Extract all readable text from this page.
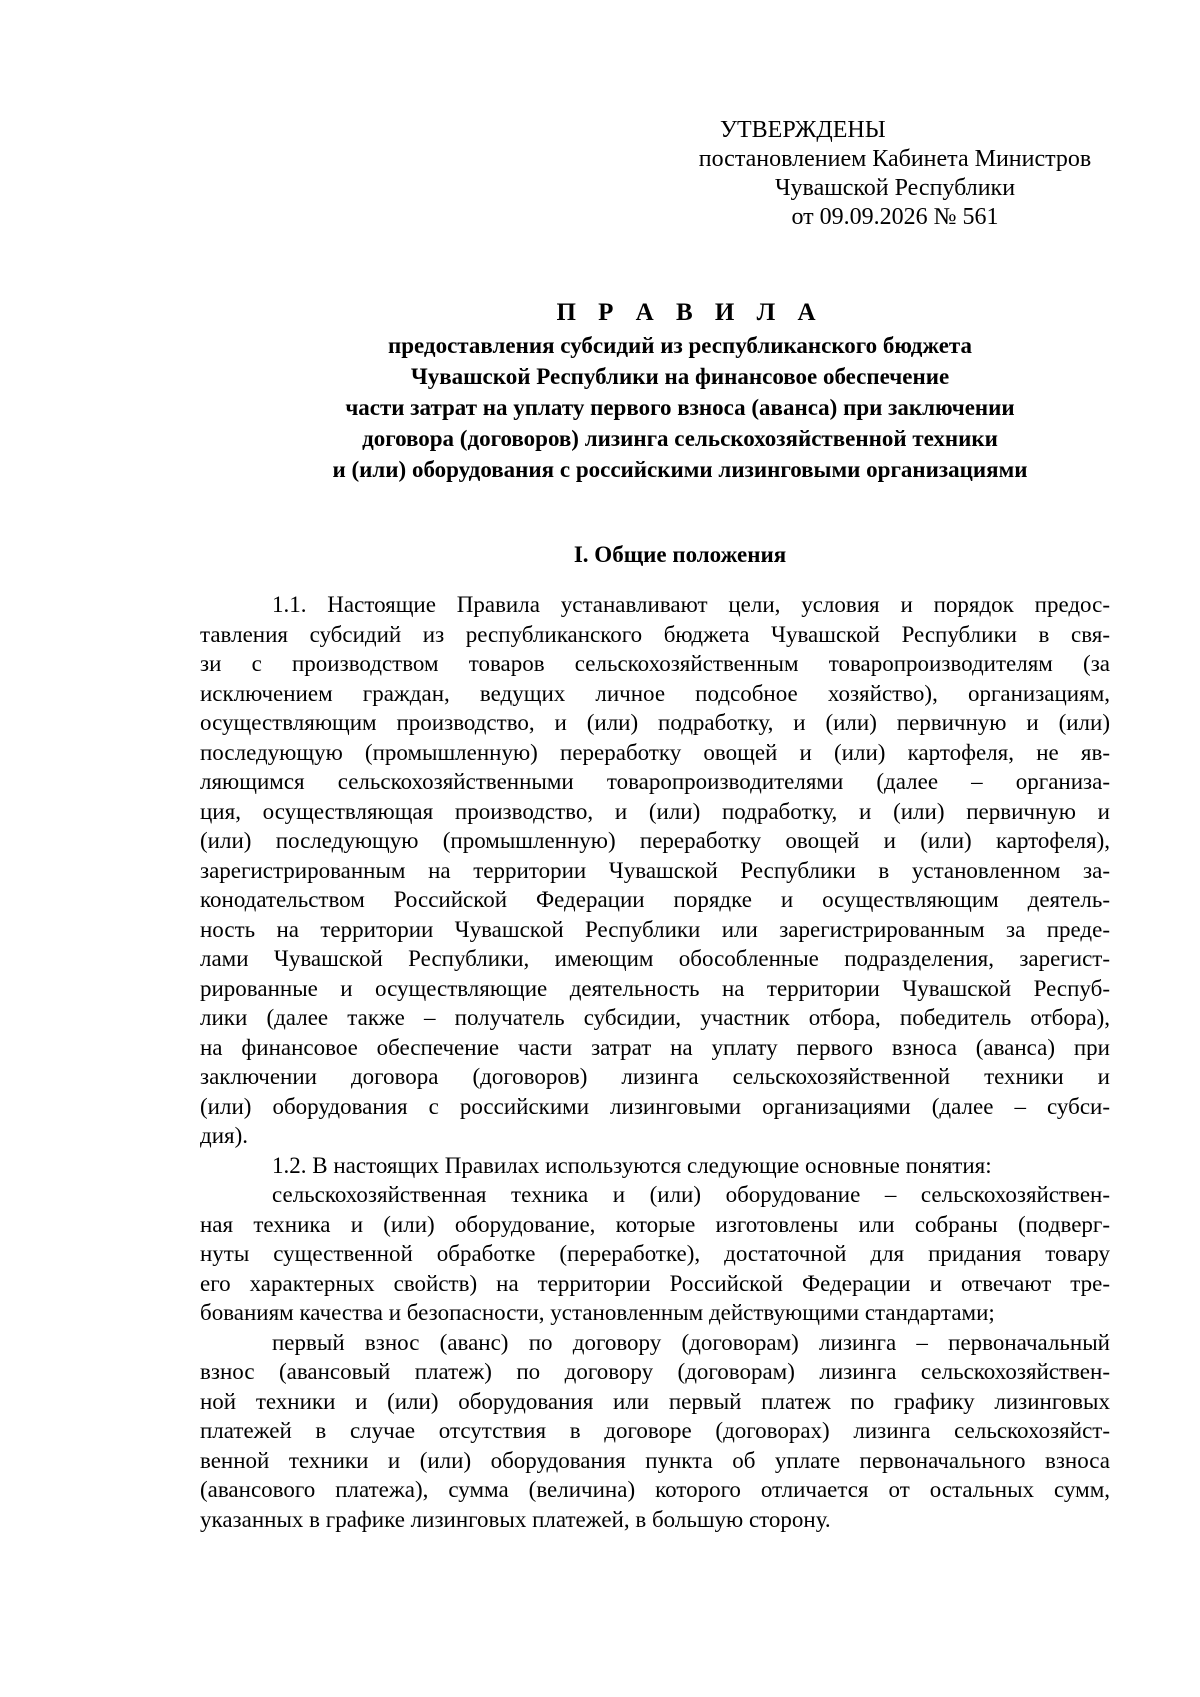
УТВЕРЖДЕНЫ
постановлением Кабинета Министров
Чувашской Республики
от 09.09.2026 № 561
П Р А В И Л А
предоставления субсидий из республиканского бюджета
Чувашской Республики на финансовое обеспечение
части затрат на уплату первого взноса (аванса) при заключении
договора (договоров) лизинга сельскохозяйственной техники
и (или) оборудования с российскими лизинговыми организациями
I. Общие положения
1.1. Настоящие Правила устанавливают цели, условия и порядок предос-
тавления субсидий из республиканского бюджета Чувашской Республики в свя-
зи с производством товаров сельскохозяйственным товаропроизводителям (за
исключением граждан, ведущих личное подсобное хозяйство), организациям,
осуществляющим производство, и (или) подработку, и (или) первичную и (или)
последующую (промышленную) переработку овощей и (или) картофеля, не яв-
ляющимся сельскохозяйственными товаропроизводителями (далее – организа-
ция, осуществляющая производство, и (или) подработку, и (или) первичную и
(или) последующую (промышленную) переработку овощей и (или) картофеля),
зарегистрированным на территории Чувашской Республики в установленном за-
конодательством Российской Федерации порядке и осуществляющим деятель-
ность на территории Чувашской Республики или зарегистрированным за преде-
лами Чувашской Республики, имеющим обособленные подразделения, зарегист-
рированные и осуществляющие деятельность на территории Чувашской Респуб-
лики (далее также – получатель субсидии, участник отбора, победитель отбора),
на финансовое обеспечение части затрат на уплату первого взноса (аванса) при
заключении договора (договоров) лизинга сельскохозяйственной техники и
(или) оборудования с российскими лизинговыми организациями (далее – субси-
дия).
1.2. В настоящих Правилах используются следующие основные понятия:
сельскохозяйственная техника и (или) оборудование – сельскохозяйствен-
ная техника и (или) оборудование, которые изготовлены или собраны (подверг-
нуты существенной обработке (переработке), достаточной для придания товару
его характерных свойств) на территории Российской Федерации и отвечают тре-
бованиям качества и безопасности, установленным действующими стандартами;
первый взнос (аванс) по договору (договорам) лизинга – первоначальный
взнос (авансовый платеж) по договору (договорам) лизинга сельскохозяйствен-
ной техники и (или) оборудования или первый платеж по графику лизинговых
платежей в случае отсутствия в договоре (договорах) лизинга сельскохозяйст-
венной техники и (или) оборудования пункта об уплате первоначального взноса
(авансового платежа), сумма (величина) которого отличается от остальных сумм,
указанных в графике лизинговых платежей, в большую сторону.
